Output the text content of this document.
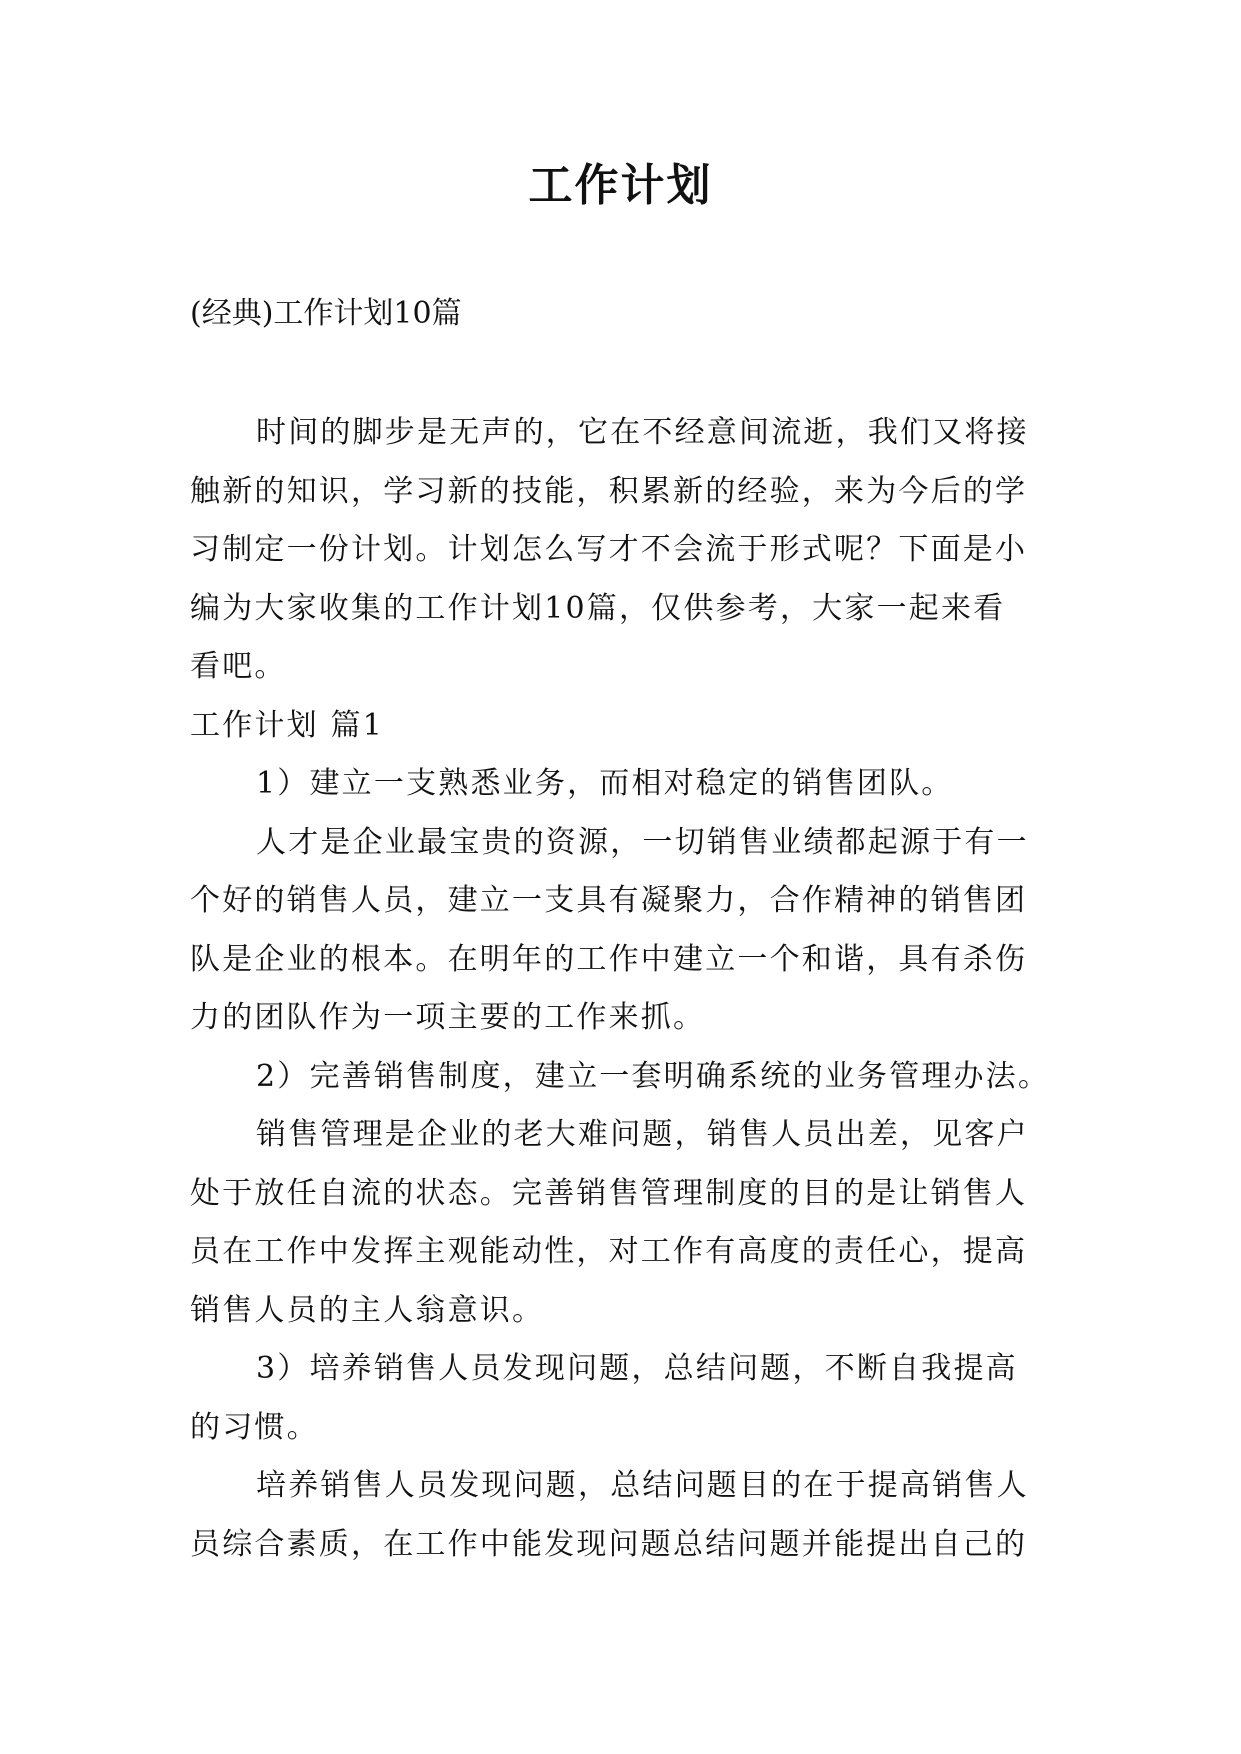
工作计划

(经典)工作计划10篇

时间的脚步是无声的，它在不经意间流逝，我们又将接
触新的知识，学习新的技能，积累新的经验，来为今后的学
习制定一份计划。计划怎么写才不会流于形式呢？下面是小
编为大家收集的工作计划10篇，仅供参考，大家一起来看
看吧。
工作计划 篇1
1）建立一支熟悉业务，而相对稳定的销售团队。
人才是企业最宝贵的资源，一切销售业绩都起源于有一
个好的销售人员，建立一支具有凝聚力，合作精神的销售团
队是企业的根本。在明年的工作中建立一个和谐，具有杀伤
力的团队作为一项主要的工作来抓。
2）完善销售制度，建立一套明确系统的业务管理办法。
销售管理是企业的老大难问题，销售人员出差，见客户
处于放任自流的状态。完善销售管理制度的目的是让销售人
员在工作中发挥主观能动性，对工作有高度的责任心，提高
销售人员的主人翁意识。
3）培养销售人员发现问题，总结问题，不断自我提高
的习惯。
培养销售人员发现问题，总结问题目的在于提高销售人
员综合素质，在工作中能发现问题总结问题并能提出自己的
